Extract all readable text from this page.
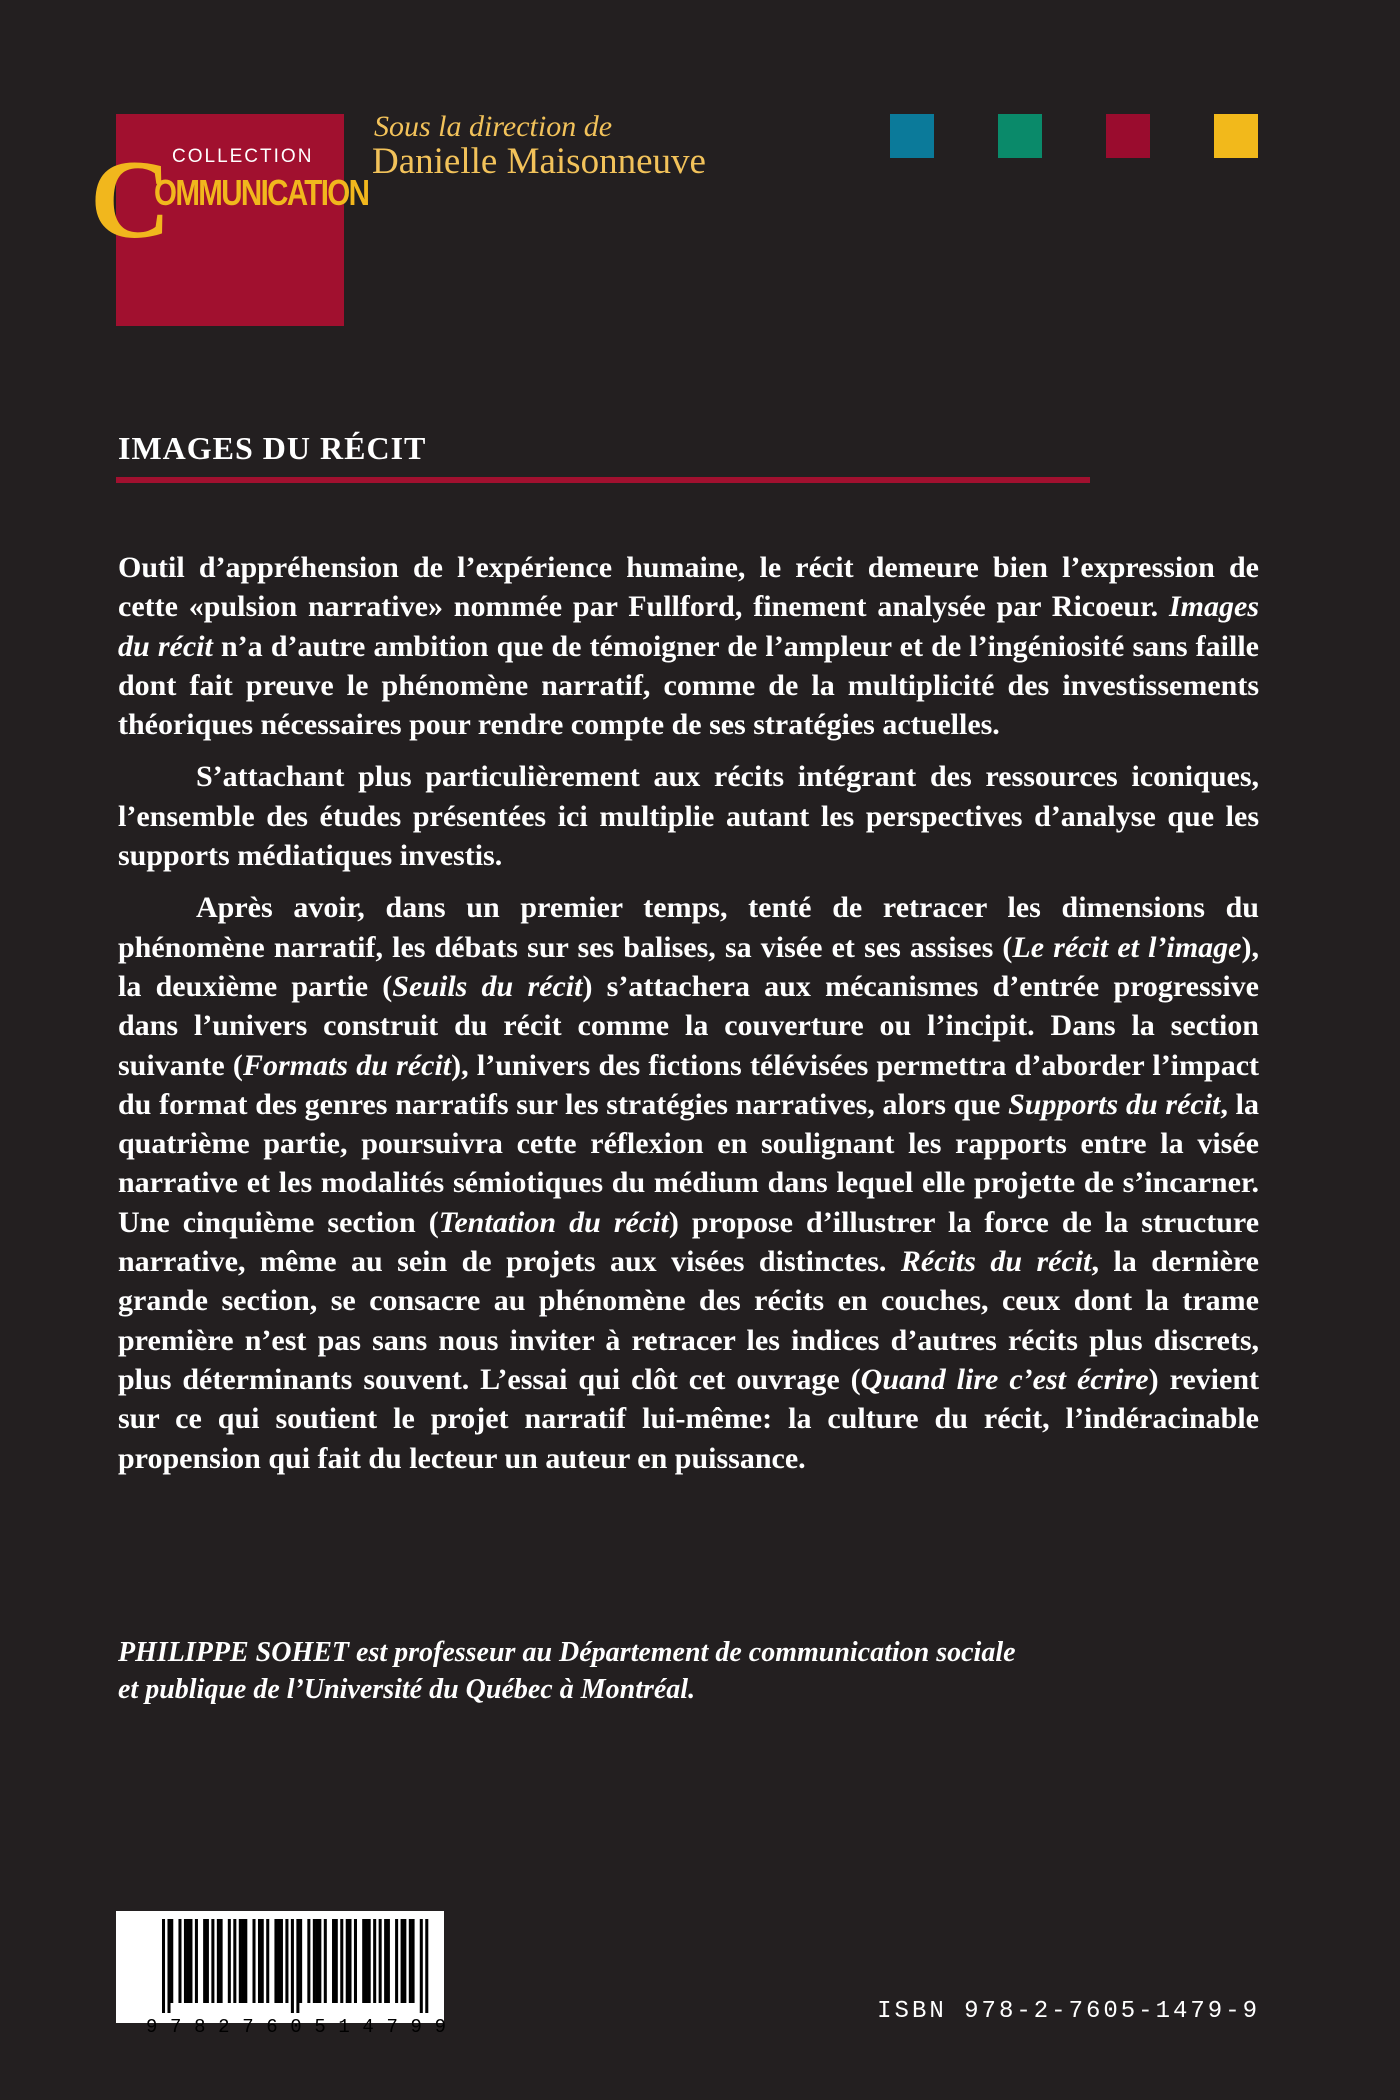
COLLECTION
C
OMMUNICATION
Sous la direction de
Danielle Maisonneuve
IMAGES DU RÉCIT

Outil d’appréhension de l’expérience humaine, le récit demeure bien l’expression de cette «pulsion narrative» nommée par Fullford, finement analysée par Ricoeur. Images du récit n’a d’autre ambition que de témoigner de l’ampleur et de l’ingéniosité sans faille dont fait preuve le phénomène narratif, comme de la multiplicité des investissements théoriques nécessaires pour rendre compte de ses stratégies actuelles.

S’attachant plus particulièrement aux récits intégrant des ressources iconiques, l’ensemble des études présentées ici multiplie autant les perspectives d’analyse que les supports médiatiques investis.

Après avoir, dans un premier temps, tenté de retracer les dimensions du phénomène narratif, les débats sur ses balises, sa visée et ses assises (Le récit et l’image), la deuxième partie (Seuils du récit) s’attachera aux mécanismes d’entrée progressive dans l’univers construit du récit comme la couverture ou l’incipit. Dans la section suivante (Formats du récit), l’univers des fictions télévisées permettra d’aborder l’impact du format des genres narratifs sur les stratégies narratives, alors que Supports du récit, la quatrième partie, poursuivra cette réflexion en soulignant les rapports entre la visée narrative et les modalités sémiotiques du médium dans lequel elle projette de s’incarner. Une cinquième section (Tentation du récit) propose d’illustrer la force de la structure narrative, même au sein de projets aux visées distinctes. Récits du récit, la dernière grande section, se consacre au phénomène des récits en couches, ceux dont la trame première n’est pas sans nous inviter à retracer les indices d’autres récits plus discrets, plus déterminants souvent. L’essai qui clôt cet ouvrage (Quand lire c’est écrire) revient sur ce qui soutient le projet narratif lui-même: la culture du récit, l’indéracinable propension qui fait du lecteur un auteur en puissance.

PHILIPPE SOHET est professeur au Département de communication sociale
et publique de l’Université du Québec à Montréal.
9 7 8 2 7 6 0 5 1 4 7 9 9
ISBN 978-2-7605-1479-9
